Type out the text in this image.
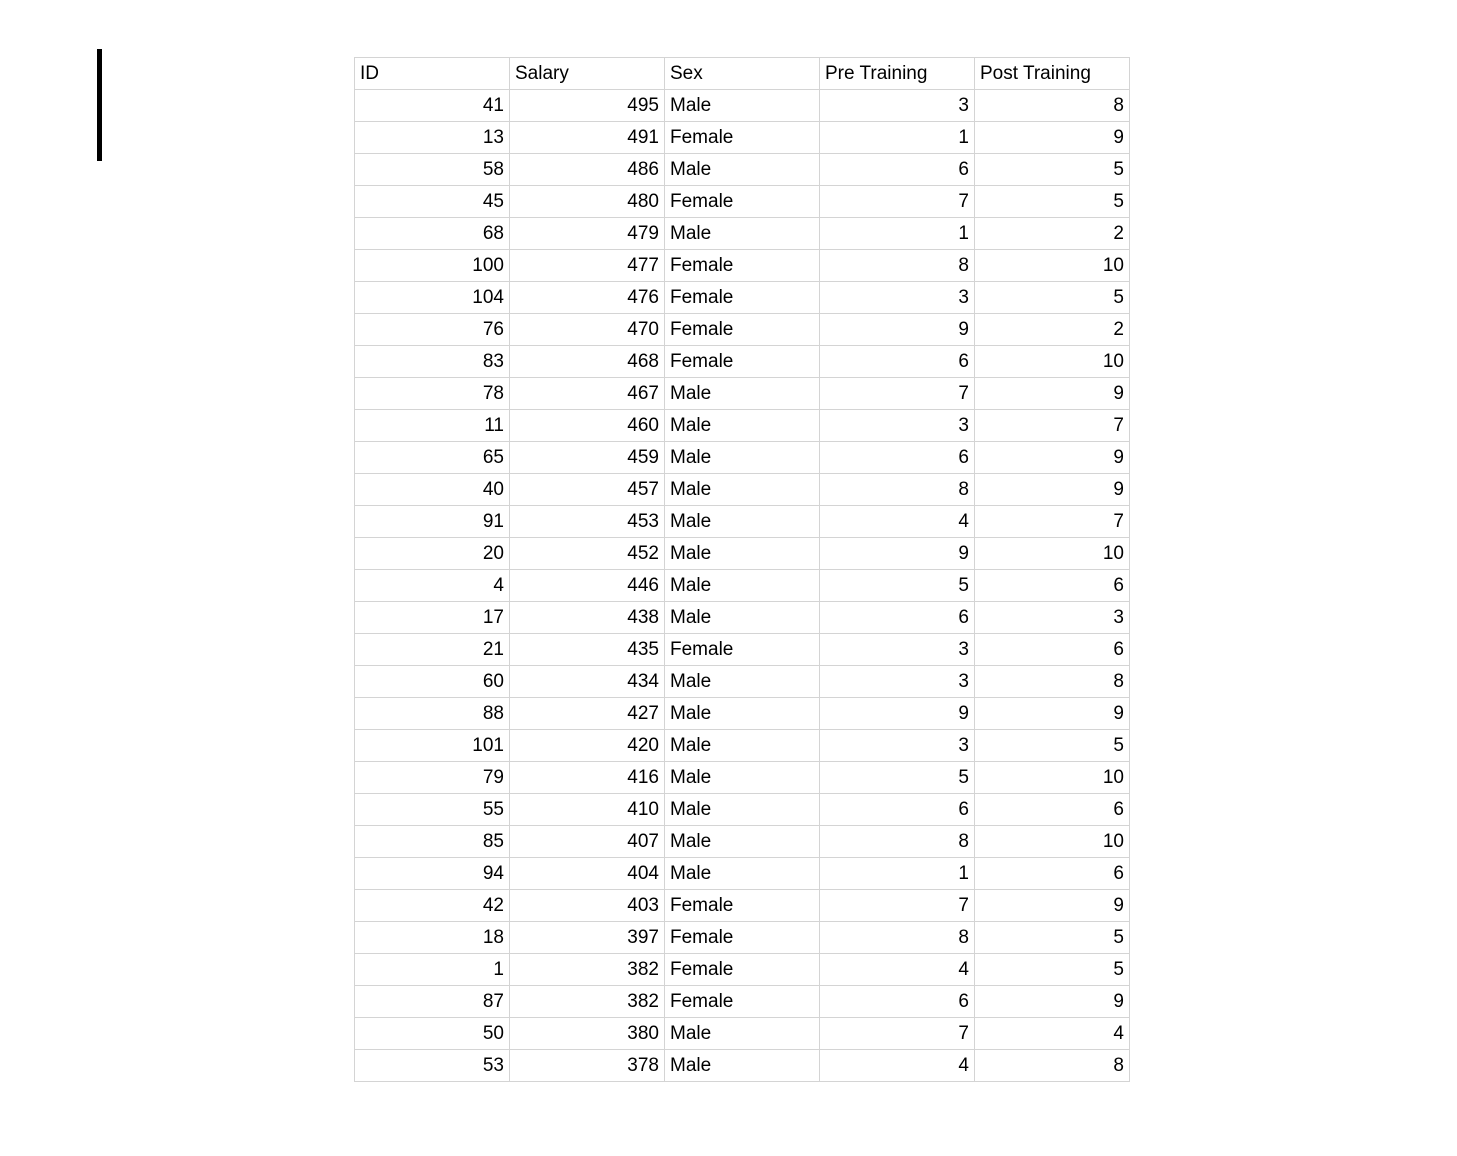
ID	Salary	Sex	Pre Training	Post Training
41	495	Male	3	8
13	491	Female	1	9
58	486	Male	6	5
45	480	Female	7	5
68	479	Male	1	2
100	477	Female	8	10
104	476	Female	3	5
76	470	Female	9	2
83	468	Female	6	10
78	467	Male	7	9
11	460	Male	3	7
65	459	Male	6	9
40	457	Male	8	9
91	453	Male	4	7
20	452	Male	9	10
4	446	Male	5	6
17	438	Male	6	3
21	435	Female	3	6
60	434	Male	3	8
88	427	Male	9	9
101	420	Male	3	5
79	416	Male	5	10
55	410	Male	6	6
85	407	Male	8	10
94	404	Male	1	6
42	403	Female	7	9
18	397	Female	8	5
1	382	Female	4	5
87	382	Female	6	9
50	380	Male	7	4
53	378	Male	4	8
